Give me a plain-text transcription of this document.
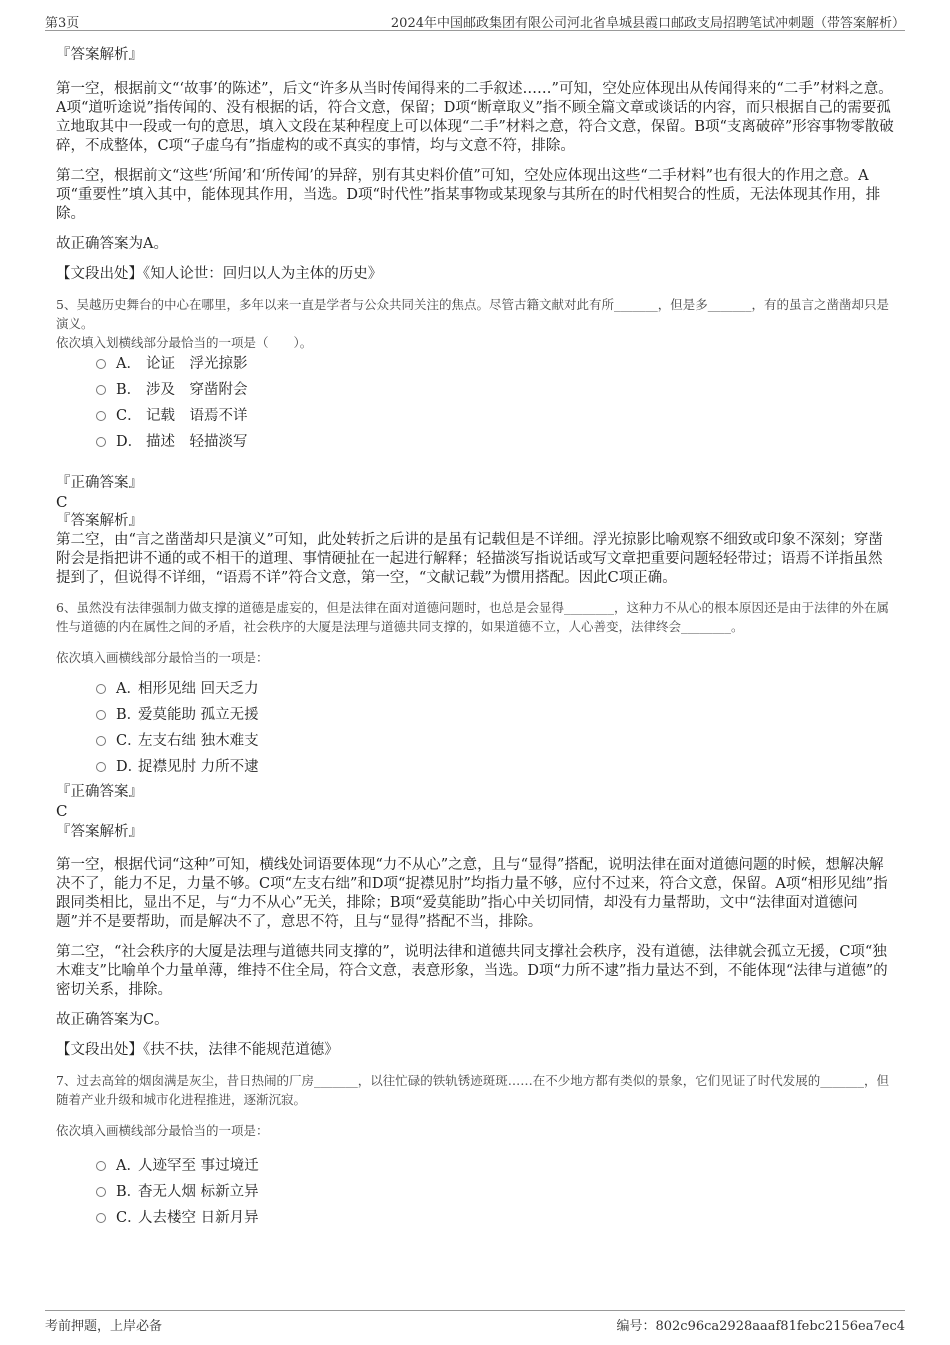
第3页	2024年中国邮政集团有限公司河北省阜城县霞口邮政支局招聘笔试冲刺题（带答案解析）

『答案解析』

第一空，根据前文“‘故事’的陈述”，后文“许多从当时传闻得来的二手叙述……”可知，空处应体现出从传闻得来的“二手”材料之意。A项“道听途说”指传闻的、没有根据的话，符合文意，保留；D项“断章取义”指不顾全篇文章或谈话的内容，而只根据自己的需要孤立地取其中一段或一句的意思，填入文段在某种程度上可以体现“二手”材料之意，符合文意，保留。B项“支离破碎”形容事物零散破碎，不成整体，C项“子虚乌有”指虚构的或不真实的事情，均与文意不符，排除。

第二空，根据前文“这些‘所闻’和‘所传闻’的异辞，别有其史料价值”可知，空处应体现出这些“二手材料”也有很大的作用之意。A项“重要性”填入其中，能体现其作用，当选。D项“时代性”指某事物或某现象与其所在的时代相契合的性质，无法体现其作用，排除。

故正确答案为A。

【文段出处】《知人论世：回归以人为主体的历史》

5、吴越历史舞台的中心在哪里，多年以来一直是学者与公众共同关注的焦点。尽管古籍文献对此有所_______，但是多_______，有的虽言之凿凿却只是演义。

依次填入划横线部分最恰当的一项是（　　）。

A． 论证　浮光掠影
B． 涉及　穿凿附会
C． 记载　语焉不详
D． 描述　轻描淡写

『正确答案』

C

『答案解析』

第二空，由“言之凿凿却只是演义”可知，此处转折之后讲的是虽有记载但是不详细。浮光掠影比喻观察不细致或印象不深刻；穿凿附会是指把讲不通的或不相干的道理、事情硬扯在一起进行解释；轻描淡写指说话或写文章把重要问题轻轻带过；语焉不详指虽然提到了，但说得不详细，“语焉不详”符合文意，第一空，“文献记载”为惯用搭配。因此C项正确。

6、虽然没有法律强制力做支撑的道德是虚妄的，但是法律在面对道德问题时，也总是会显得________，这种力不从心的根本原因还是由于法律的外在属性与道德的内在属性之间的矛盾，社会秩序的大厦是法理与道德共同支撑的，如果道德不立，人心善变，法律终会________。

依次填入画横线部分最恰当的一项是：

A．相形见绌 回天乏力
B．爱莫能助 孤立无援
C．左支右绌 独木难支
D．捉襟见肘 力所不逮

『正确答案』

C

『答案解析』

第一空，根据代词“这种”可知，横线处词语要体现“力不从心”之意，且与“显得”搭配，说明法律在面对道德问题的时候，想解决解决不了，能力不足，力量不够。C项“左支右绌”和D项“捉襟见肘”均指力量不够，应付不过来，符合文意，保留。A项“相形见绌”指跟同类相比，显出不足，与“力不从心”无关，排除；B项“爱莫能助”指心中关切同情，却没有力量帮助，文中“法律面对道德问题”并不是要帮助，而是解决不了，意思不符，且与“显得”搭配不当，排除。

第二空，“社会秩序的大厦是法理与道德共同支撑的”，说明法律和道德共同支撑社会秩序，没有道德，法律就会孤立无援，C项“独木难支”比喻单个力量单薄，维持不住全局，符合文意，表意形象，当选。D项“力所不逮”指力量达不到，不能体现“法律与道德”的密切关系，排除。

故正确答案为C。

【文段出处】《扶不扶，法律不能规范道德》

7、过去高耸的烟囱满是灰尘，昔日热闹的厂房_______，以往忙碌的铁轨锈迹斑斑……在不少地方都有类似的景象，它们见证了时代发展的_______，但随着产业升级和城市化进程推进，逐渐沉寂。

依次填入画横线部分最恰当的一项是：

A．人迹罕至 事过境迁
B．杳无人烟 标新立异
C．人去楼空 日新月异
考前押题，上岸必备	编号：802c96ca2928aaaf81febc2156ea7ec4
